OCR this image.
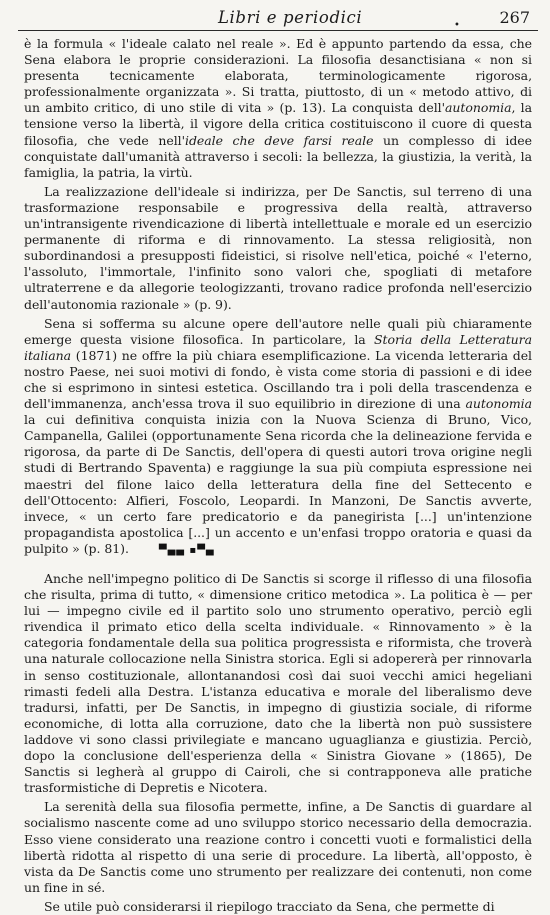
Libri e periodici	• 267

è la formula « l'ideale calato nel reale ». Ed è appunto partendo da essa, che Sena elabora le proprie considerazioni. La filosofia desanctisiana « non si presenta tecnicamente elaborata, terminologicamente rigorosa, professionalmente organizzata ». Si tratta, piuttosto, di un « metodo attivo, di un ambito critico, di uno stile di vita » (p. 13). La conquista dell'autonomia, la tensione verso la libertà, il vigore della critica costituiscono il cuore di questa filosofia, che vede nell'ideale che deve farsi reale un complesso di idee conquistate dall'umanità attraverso i secoli: la bellezza, la giustizia, la verità, la famiglia, la patria, la virtù.

La realizzazione dell'ideale si indirizza, per De Sanctis, sul terreno di una trasformazione responsabile e progressiva della realtà, attraverso un'intransigente rivendicazione di libertà intellettuale e morale ed un esercizio permanente di riforma e di rinnovamento. La stessa religiosità, non subordinandosi a presupposti fideistici, si risolve nell'etica, poiché « l'eterno, l'assoluto, l'immortale, l'infinito sono valori che, spogliati di metafore ultraterrene e da allegorie teologizzanti, trovano radice profonda nell'esercizio dell'autonomia razionale » (p. 9).

Sena si sofferma su alcune opere dell'autore nelle quali più chiaramente emerge questa visione filosofica. In particolare, la Storia della Letteratura italiana (1871) ne offre la più chiara esemplificazione. La vicenda letteraria del nostro Paese, nei suoi motivi di fondo, è vista come storia di passioni e di idee che si esprimono in sintesi estetica. Oscillando tra i poli della trascendenza e dell'immanenza, anch'essa trova il suo equilibrio in direzione di una autonomia la cui definitiva conquista inizia con la Nuova Scienza di Bruno, Vico, Campanella, Galilei (opportunamente Sena ricorda che la delineazione fervida e rigorosa, da parte di De Sanctis, dell'opera di questi autori trova origine negli studi di Bertrando Spaventa) e raggiunge la sua più compiuta espressione nei maestri del filone laico della letteratura della fine del Settecento e dell'Ottocento: Alfieri, Foscolo, Leopardi. In Manzoni, De Sanctis avverte, invece, « un certo fare predicatorio e da panegirista [...] un'intenzione propagandista apostolica [...] un accento e un'enfasi troppo oratoria e quasi da pulpito » (p. 81).	▀▄▄ ▪▀▄

Anche nell'impegno politico di De Sanctis si scorge il riflesso di una filosofia che risulta, prima di tutto, « dimensione critico metodica ». La politica è — per lui — impegno civile ed il partito solo uno strumento operativo, perciò egli rivendica il primato etico della scelta individuale. « Rinnovamento » è la categoria fondamentale della sua politica progressista e riformista, che troverà una naturale collocazione nella Sinistra storica. Egli si adopererà per rinnovarla in senso costituzionale, allontanandosi così dai suoi vecchi amici hegeliani rimasti fedeli alla Destra. L'istanza educativa e morale del liberalismo deve tradursi, infatti, per De Sanctis, in impegno di giustizia sociale, di riforme economiche, di lotta alla corruzione, dato che la libertà non può sussistere laddove vi sono classi privilegiate e mancano uguaglianza e giustizia. Perciò, dopo la conclusione dell'esperienza della « Sinistra Giovane » (1865), De Sanctis si legherà al gruppo di Cairoli, che si contrapponeva alle pratiche trasformistiche di Depretis e Nicotera.

La serenità della sua filosofia permette, infine, a De Sanctis di guardare al socialismo nascente come ad uno sviluppo storico necessario della democrazia. Esso viene considerato una reazione contro i concetti vuoti e formalistici della libertà ridotta al rispetto di una serie di procedure. La libertà, all'opposto, è vista da De Sanctis come uno strumento per realizzare dei contenuti, non come un fine in sé.

Se utile può considerarsi il riepilogo tracciato da Sena, che permette di
